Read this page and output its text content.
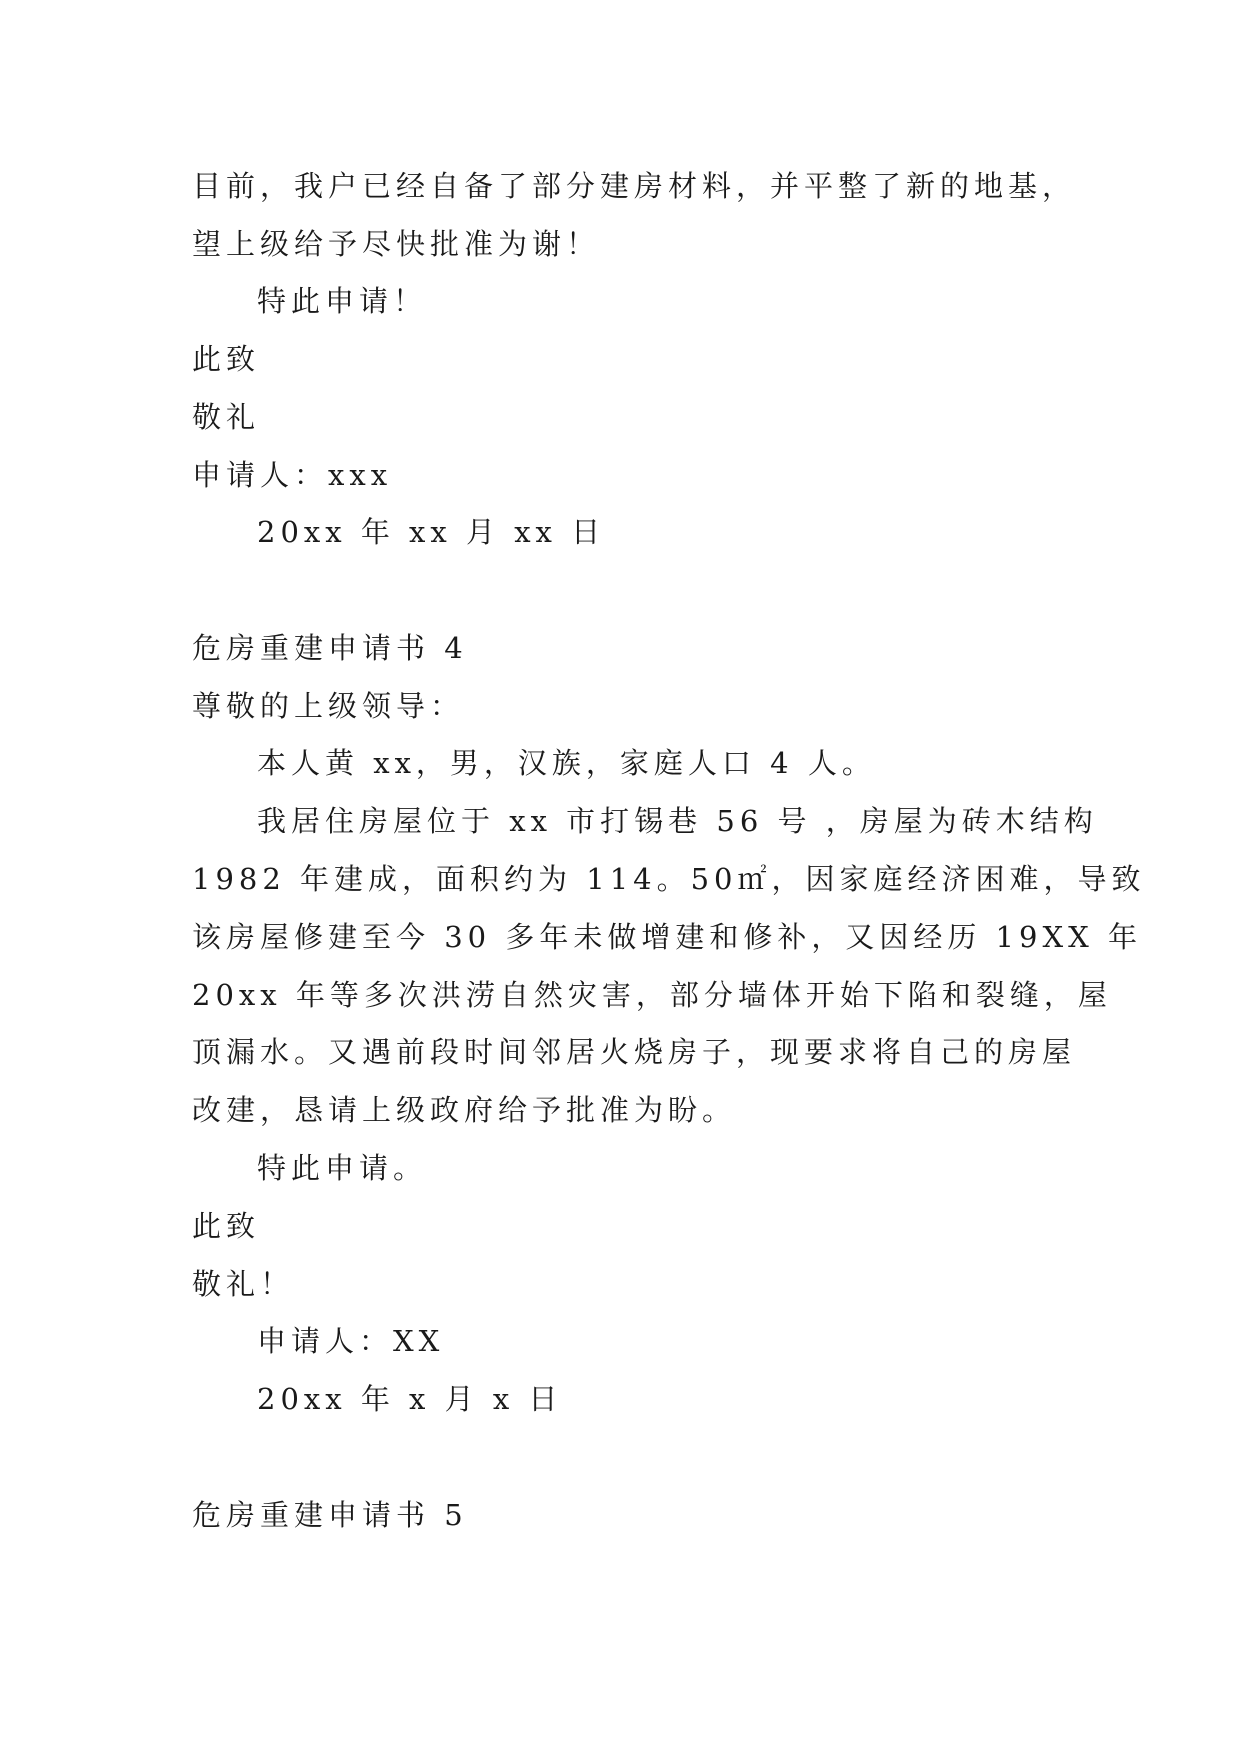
目前，我户已经自备了部分建房材料，并平整了新的地基，
望上级给予尽快批准为谢！
特此申请！
此致
敬礼
申请人：xxx
20xx 年 xx 月 xx 日
危房重建申请书 4
尊敬的上级领导：
本人黄 xx，男，汉族，家庭人口 4 人。
我居住房屋位于 xx 市打锡巷 56 号 ，房屋为砖木结构
1982 年建成，面积约为 114。50㎡，因家庭经济困难，导致
该房屋修建至今 30 多年未做增建和修补，又因经历 19XX 年
20xx 年等多次洪涝自然灾害，部分墙体开始下陷和裂缝，屋
顶漏水。又遇前段时间邻居火烧房子，现要求将自己的房屋
改建，恳请上级政府给予批准为盼。
特此申请。
此致
敬礼！
申请人：XX
20xx 年 x 月 x 日
危房重建申请书 5
